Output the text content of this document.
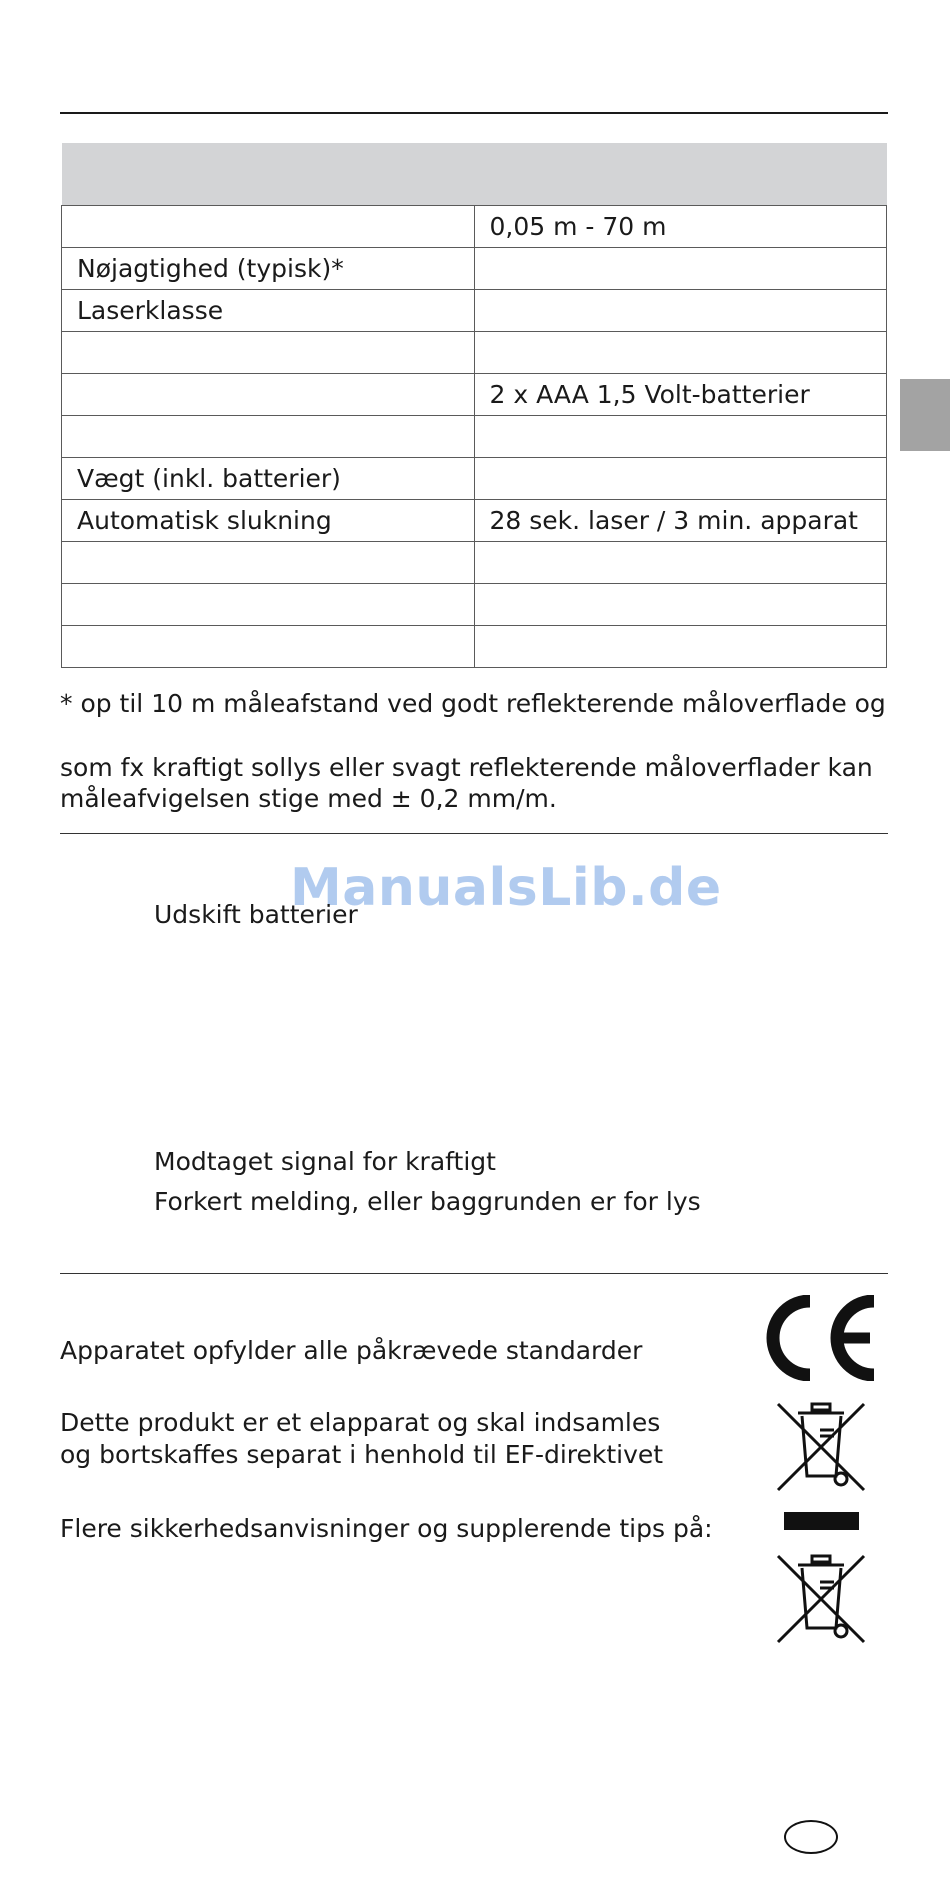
	0,05 m - 70 m
Nøjagtighed (typisk)*	
Laserklasse	

	2 x AAA 1,5 Volt-batterier

Vægt (inkl. batterier)	
Automatisk slukning	28 sek. laser / 3 min. apparat

* op til 10 m måleafstand ved godt reflekterende måloverflade og
som fx kraftigt sollys eller svagt reflekterende måloverflader kan
måleafvigelsen stige med ± 0,2 mm/m.
ManualsLib.de
Udskift batterier
Modtaget signal for kraftigt
Forkert melding, eller baggrunden er for lys
Apparatet opfylder alle påkrævede standarder
Dette produkt er et elapparat og skal indsamles
og bortskaffes separat i henhold til EF-direktivet
Flere sikkerhedsanvisninger og supplerende tips på:
